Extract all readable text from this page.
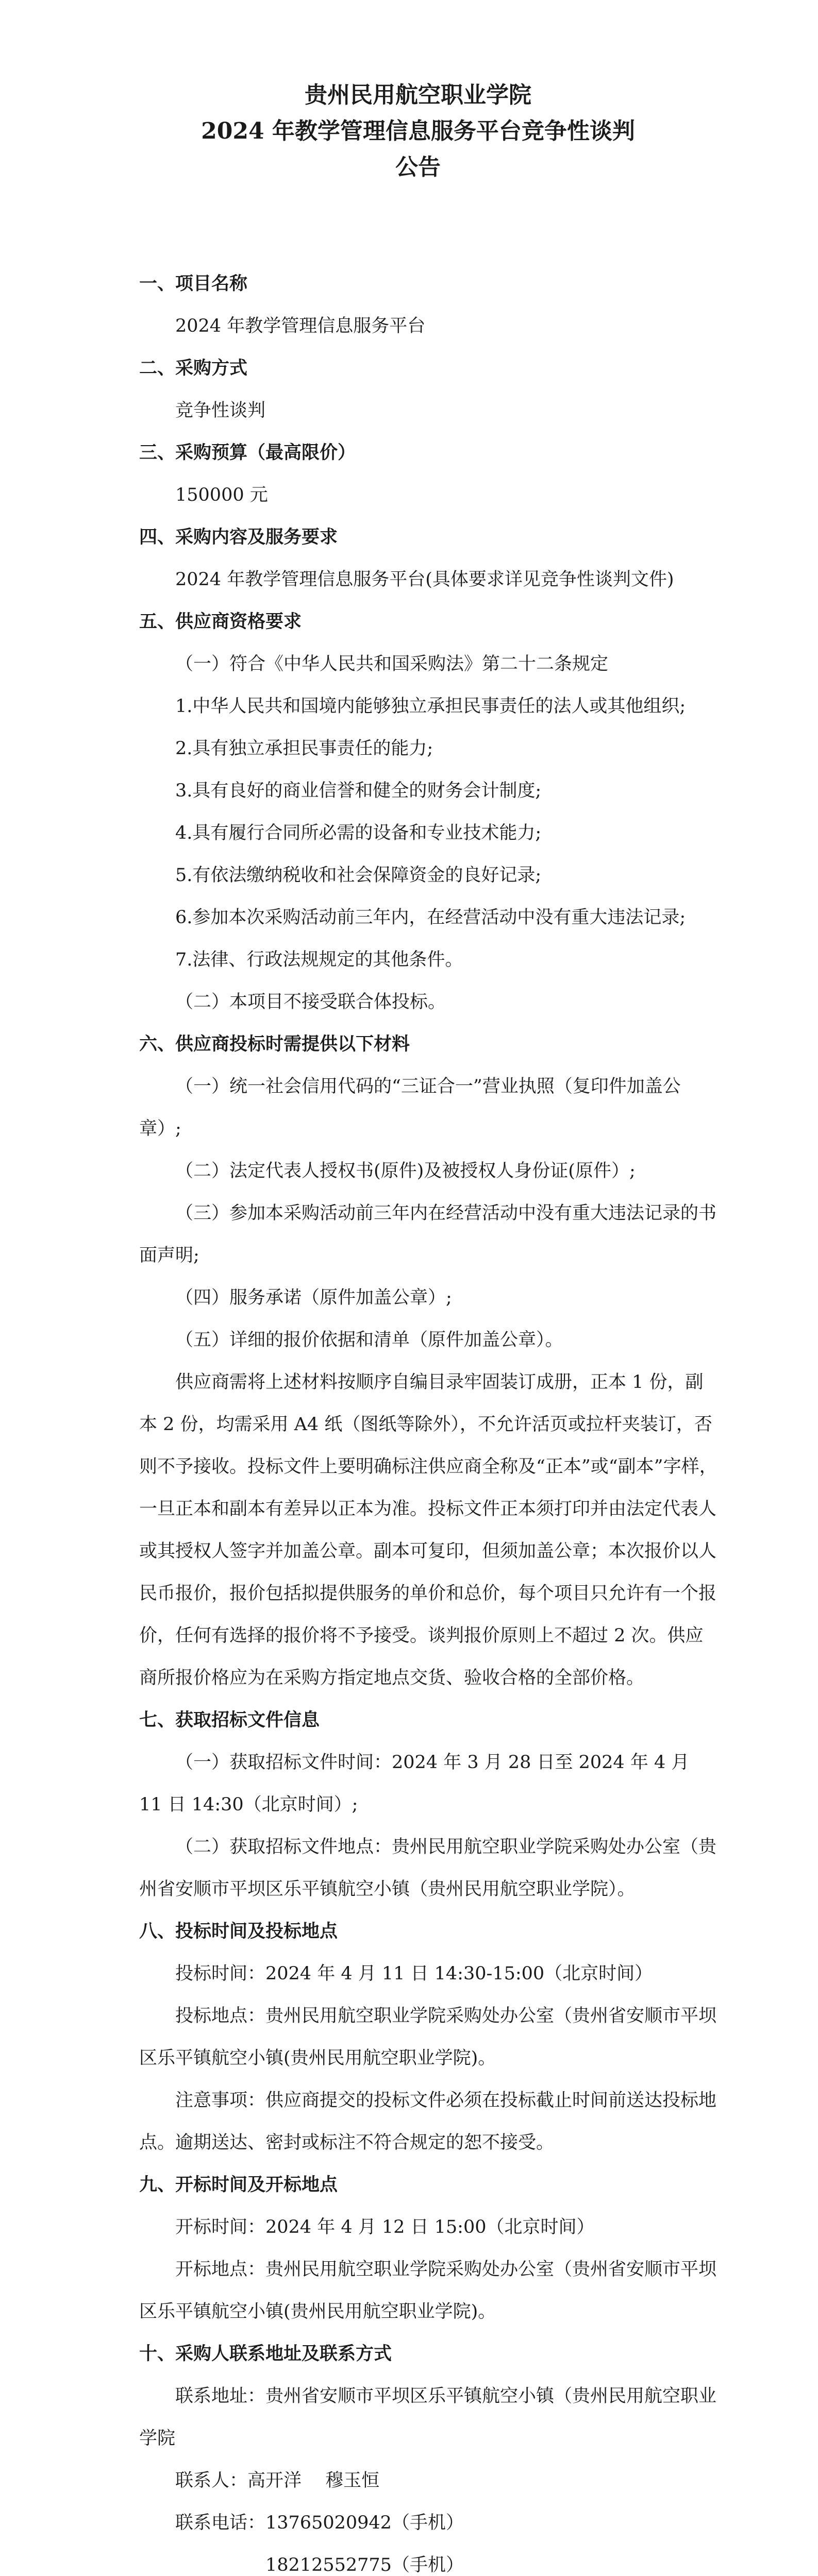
贵州民用航空职业学院
2024 年教学管理信息服务平台竞争性谈判
公告
一、项目名称
2024 年教学管理信息服务平台
二、采购方式
竞争性谈判
三、采购预算（最高限价）
150000 元
四、采购内容及服务要求
2024 年教学管理信息服务平台(具体要求详见竞争性谈判文件)
五、供应商资格要求
（一）符合《中华人民共和国采购法》第二十二条规定
1.中华人民共和国境内能够独立承担民事责任的法人或其他组织;
2.具有独立承担民事责任的能力;
3.具有良好的商业信誉和健全的财务会计制度;
4.具有履行合同所必需的设备和专业技术能力;
5.有依法缴纳税收和社会保障资金的良好记录;
6.参加本次采购活动前三年内，在经营活动中没有重大违法记录;
7.法律、行政法规规定的其他条件。
（二）本项目不接受联合体投标。
六、供应商投标时需提供以下材料
（一）统一社会信用代码的“三证合一”营业执照（复印件加盖公章）;
（二）法定代表人授权书(原件)及被授权人身份证(原件）;
（三）参加本采购活动前三年内在经营活动中没有重大违法记录的书面声明;
（四）服务承诺（原件加盖公章）;
（五）详细的报价依据和清单（原件加盖公章）。
供应商需将上述材料按顺序自编目录牢固装订成册，正本 1 份，副本 2 份，均需采用 A4 纸（图纸等除外），不允许活页或拉杆夹装订，否则不予接收。投标文件上要明确标注供应商全称及“正本”或“副本”字样，一旦正本和副本有差异以正本为准。投标文件正本须打印并由法定代表人或其授权人签字并加盖公章。副本可复印，但须加盖公章；本次报价以人民币报价，报价包括拟提供服务的单价和总价，每个项目只允许有一个报价，任何有选择的报价将不予接受。谈判报价原则上不超过 2 次。供应商所报价格应为在采购方指定地点交货、验收合格的全部价格。
七、获取招标文件信息
（一）获取招标文件时间：2024 年 3 月 28 日至 2024 年 4 月 11 日 14:30（北京时间）;
（二）获取招标文件地点：贵州民用航空职业学院采购处办公室（贵州省安顺市平坝区乐平镇航空小镇（贵州民用航空职业学院）。
八、投标时间及投标地点
投标时间：2024 年 4 月 11 日 14:30-15:00（北京时间）
投标地点：贵州民用航空职业学院采购处办公室（贵州省安顺市平坝区乐平镇航空小镇(贵州民用航空职业学院)。
注意事项：供应商提交的投标文件必须在投标截止时间前送达投标地点。逾期送达、密封或标注不符合规定的恕不接受。
九、开标时间及开标地点
开标时间：2024 年 4 月 12 日 15:00（北京时间）
开标地点：贵州民用航空职业学院采购处办公室（贵州省安顺市平坝区乐平镇航空小镇(贵州民用航空职业学院)。
十、采购人联系地址及联系方式
联系地址：贵州省安顺市平坝区乐平镇航空小镇（贵州民用航空职业学院
联系人：高开洋　 穆玉恒
联系电话：13765020942（手机）
　　　　　18212552775（手机）
